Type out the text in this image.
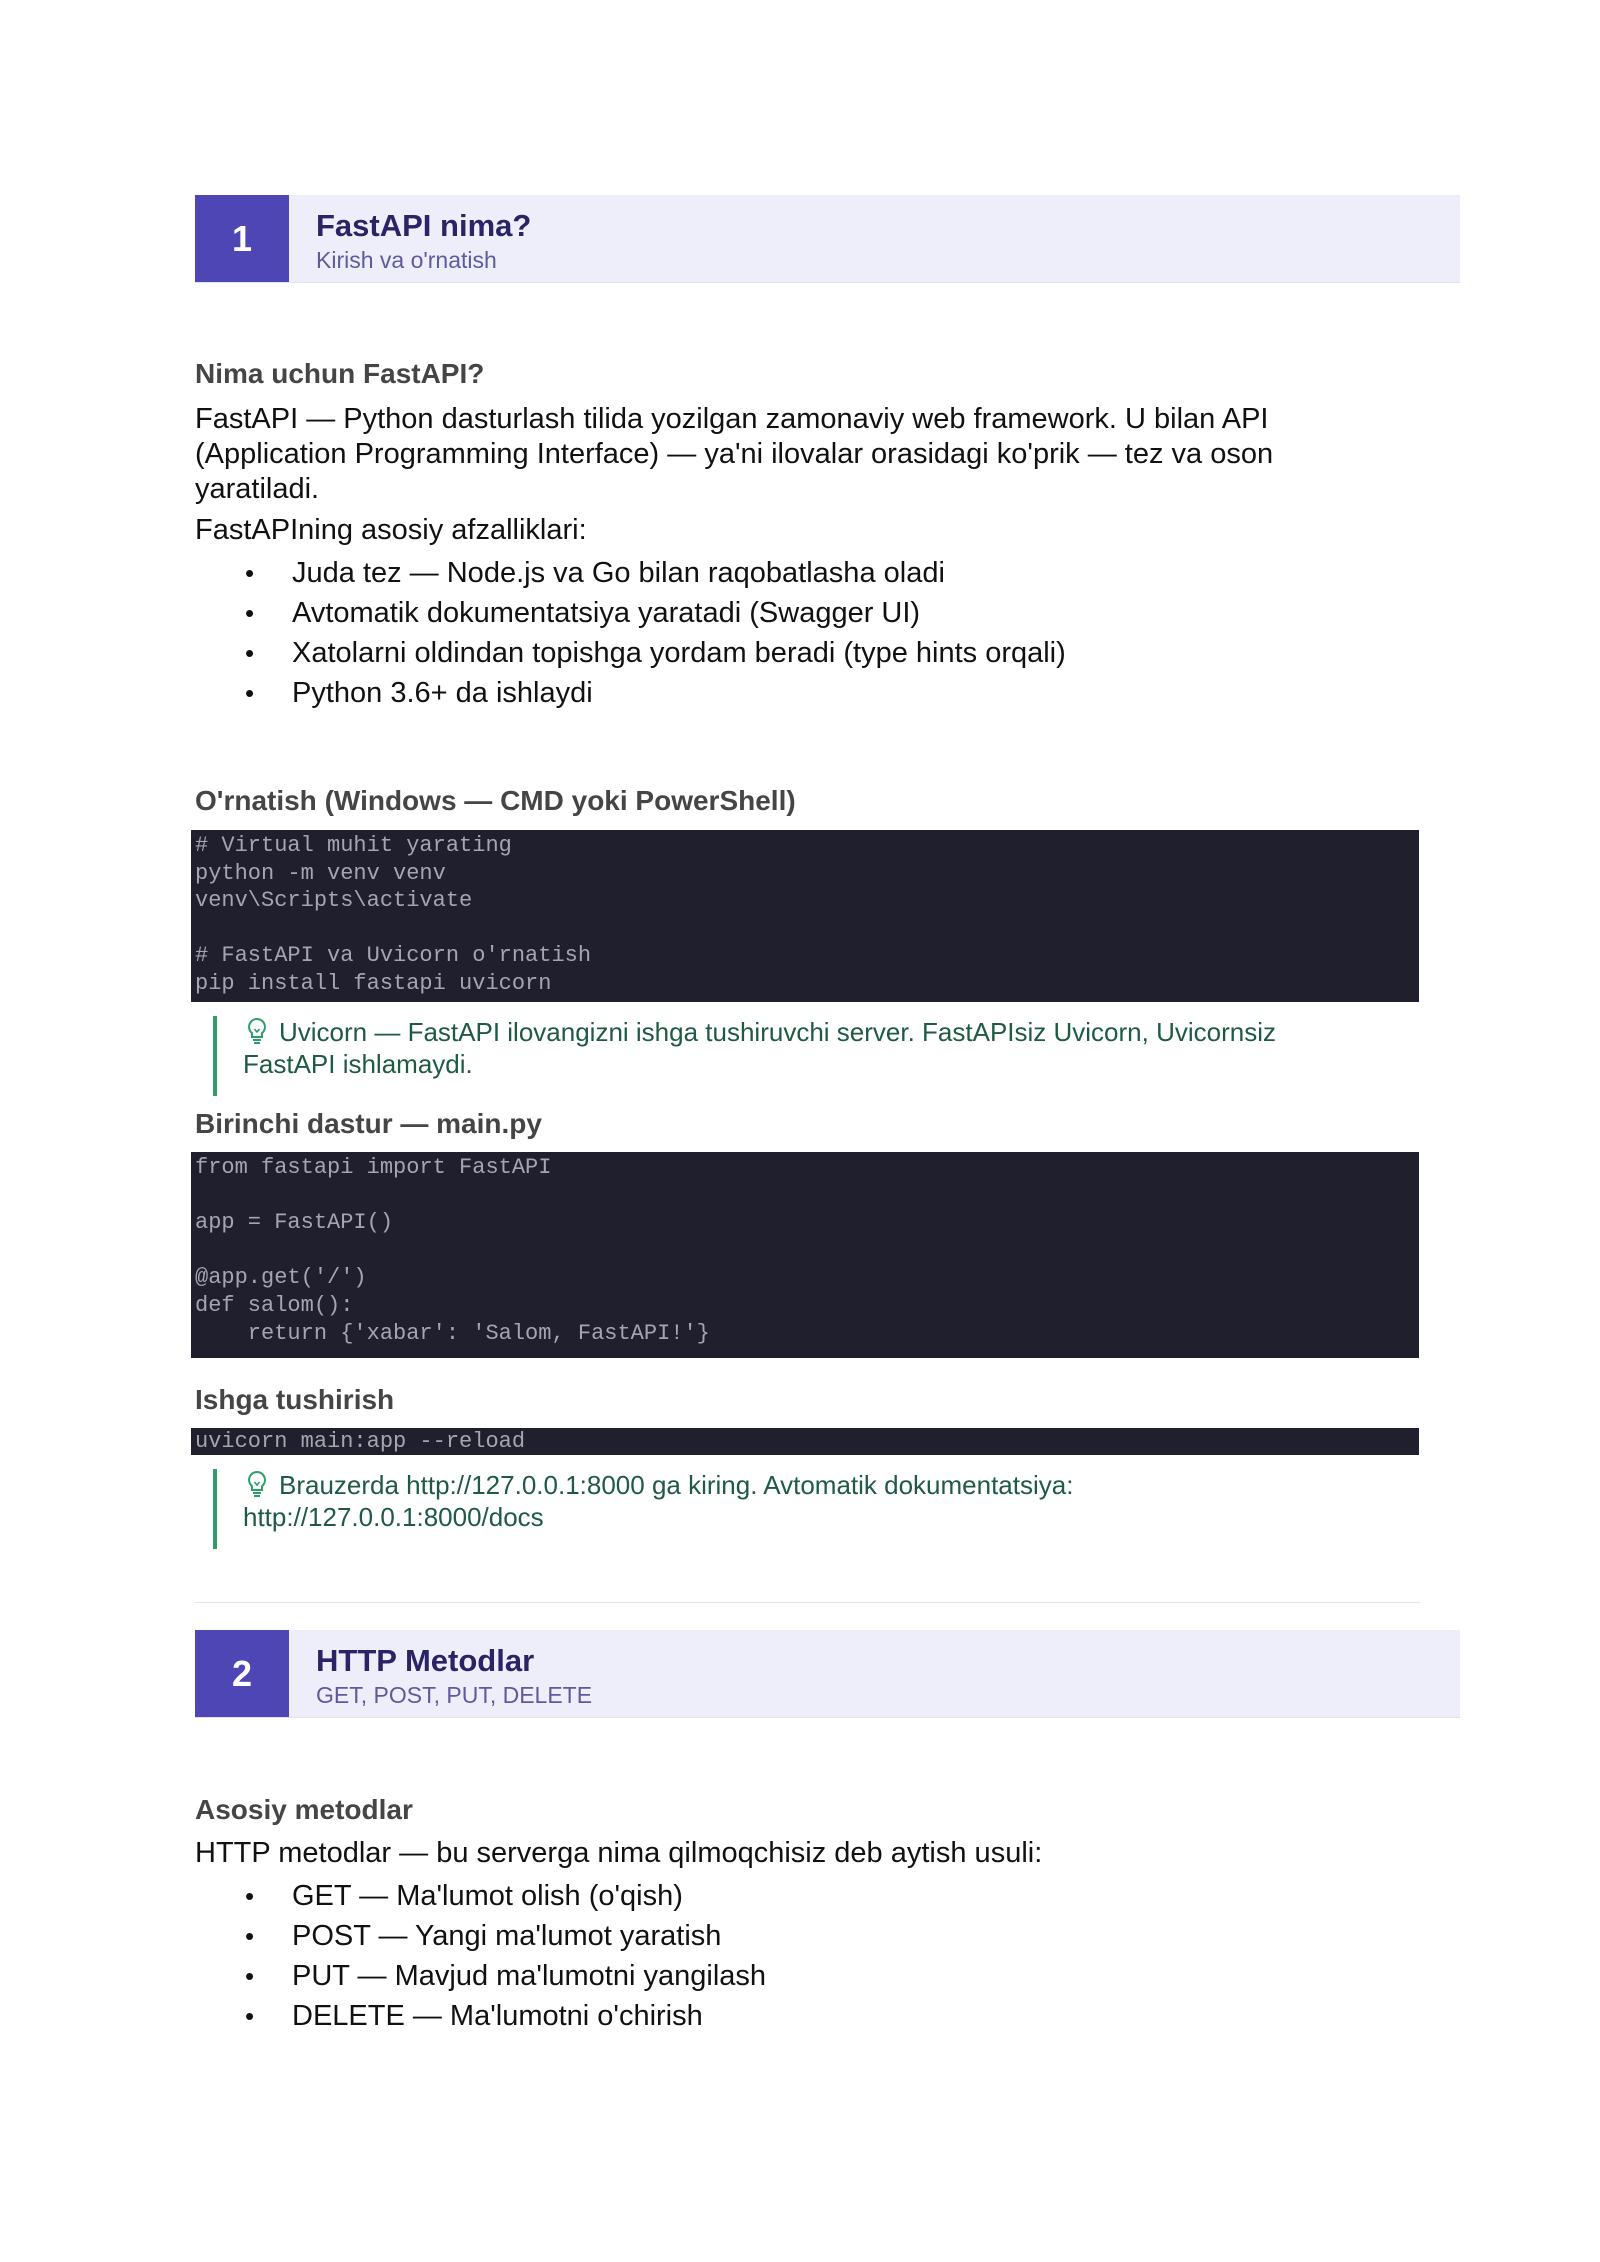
1	FastAPI nima?
Kirish va o'rnatish
Nima uchun FastAPI?
FastAPI — Python dasturlash tilida yozilgan zamonaviy web framework. U bilan API (Application Programming Interface) — ya'ni ilovalar orasidagi ko'prik — tez va oson yaratiladi.
FastAPIning asosiy afzalliklari:
• Juda tez — Node.js va Go bilan raqobatlasha oladi
• Avtomatik dokumentatsiya yaratadi (Swagger UI)
• Xatolarni oldindan topishga yordam beradi (type hints orqali)
• Python 3.6+ da ishlaydi
O'rnatish (Windows — CMD yoki PowerShell)
# Virtual muhit yarating
python -m venv venv
venv\Scripts\activate
# FastAPI va Uvicorn o'rnatish
pip install fastapi uvicorn
Uvicorn — FastAPI ilovangizni ishga tushiruvchi server. FastAPIsiz Uvicorn, Uvicornsiz FastAPI ishlamaydi.
Birinchi dastur — main.py
from fastapi import FastAPI
app = FastAPI()
@app.get('/')
def salom():
return {'xabar': 'Salom, FastAPI!'}
Ishga tushirish
uvicorn main:app --reload
Brauzerda http://127.0.0.1:8000 ga kiring. Avtomatik dokumentatsiya: http://127.0.0.1:8000/docs
2	HTTP Metodlar
GET, POST, PUT, DELETE
Asosiy metodlar
HTTP metodlar — bu serverga nima qilmoqchisiz deb aytish usuli:
• GET — Ma'lumot olish (o'qish)
• POST — Yangi ma'lumot yaratish
• PUT — Mavjud ma'lumotni yangilash
• DELETE — Ma'lumotni o'chirish
